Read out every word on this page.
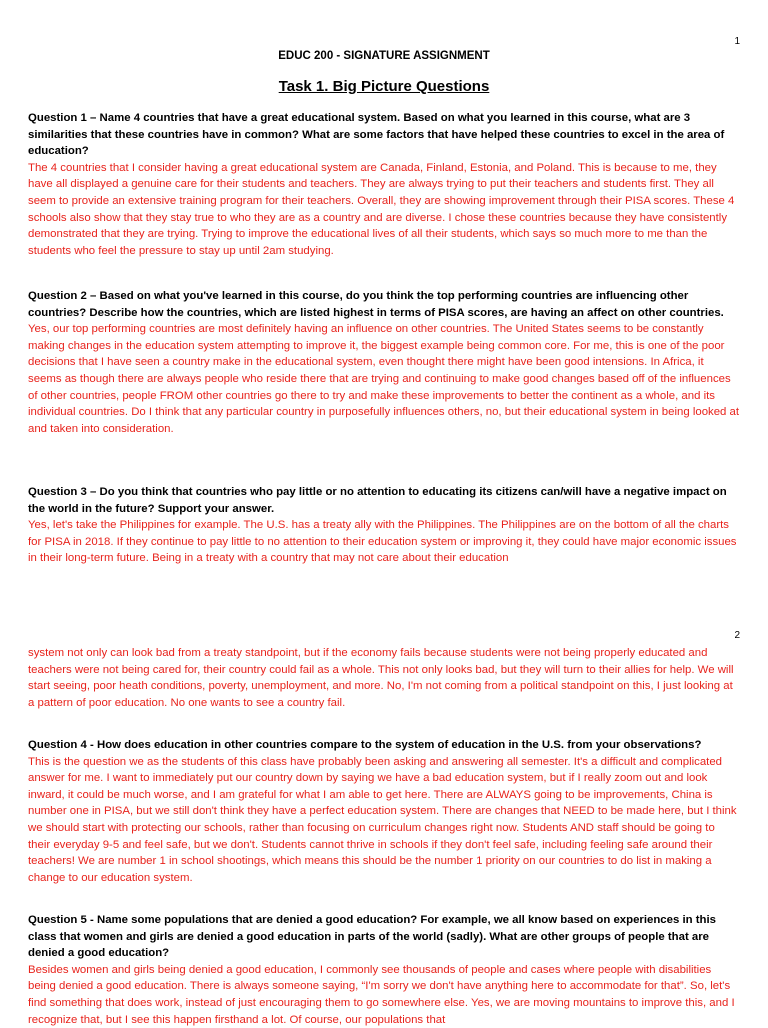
1
EDUC 200 - SIGNATURE ASSIGNMENT
Task 1. Big Picture Questions

Question 1 – Name 4 countries that have a great educational system. Based on what you learned in this course, what are 3 similarities that these countries have in common? What are some factors that have helped these countries to excel in the area of education?

The 4 countries that I consider having a great educational system are Canada, Finland, Estonia, and Poland. This is because to me, they have all displayed a genuine care for their students and teachers. They are always trying to put their teachers and students first. They all seem to provide an extensive training program for their teachers. Overall, they are showing improvement through their PISA scores. These 4 schools also show that they stay true to who they are as a country and are diverse. I chose these countries because they have consistently demonstrated that they are trying. Trying to improve the educational lives of all their students, which says so much more to me than the students who feel the pressure to stay up until 2am studying.

Question 2 – Based on what you've learned in this course, do you think the top performing countries are influencing other countries? Describe how the countries, which are listed highest in terms of PISA scores, are having an affect on other countries.

Yes, our top performing countries are most definitely having an influence on other countries. The United States seems to be constantly making changes in the education system attempting to improve it, the biggest example being common core. For me, this is one of the poor decisions that I have seen a country make in the educational system, even thought there might have been good intensions. In Africa, it seems as though there are always people who reside there that are trying and continuing to make good changes based off of the influences of other countries, people FROM other countries go there to try and make these improvements to better the continent as a whole, and its individual countries. Do I think that any particular country in purposefully influences others, no, but their educational system in being looked at and taken into consideration.

Question 3 – Do you think that countries who pay little or no attention to educating its citizens can/will have a negative impact on the world in the future? Support your answer.

Yes, let's take the Philippines for example. The U.S. has a treaty ally with the Philippines. The Philippines are on the bottom of all the charts for PISA in 2018. If they continue to pay little to no attention to their education system or improving it, they could have major economic issues in their long-term future. Being in a treaty with a country that may not care about their education

2

system not only can look bad from a treaty standpoint, but if the economy fails because students were not being properly educated and teachers were not being cared for, their country could fail as a whole. This not only looks bad, but they will turn to their allies for help. We will start seeing, poor heath conditions, poverty, unemployment, and more. No, I'm not coming from a political standpoint on this, I just looking at a pattern of poor education. No one wants to see a country fail.

Question 4 - How does education in other countries compare to the system of education in the U.S. from your observations?

This is the question we as the students of this class have probably been asking and answering all semester. It's a difficult and complicated answer for me. I want to immediately put our country down by saying we have a bad education system, but if I really zoom out and look inward, it could be much worse, and I am grateful for what I am able to get here. There are ALWAYS going to be improvements, China is number one in PISA, but we still don't think they have a perfect education system. There are changes that NEED to be made here, but I think we should start with protecting our schools, rather than focusing on curriculum changes right now. Students AND staff should be going to their everyday 9-5 and feel safe, but we don't. Students cannot thrive in schools if they don't feel safe, including feeling safe around their teachers! We are number 1 in school shootings, which means this should be the number 1 priority on our countries to do list in making a change to our education system.

Question 5 - Name some populations that are denied a good education? For example, we all know based on experiences in this class that women and girls are denied a good education in parts of the world (sadly). What are other groups of people that are denied a good education?

Besides women and girls being denied a good education, I commonly see thousands of people and cases where people with disabilities being denied a good education. There is always someone saying, “I'm sorry we don't have anything here to accommodate for that”. So, let's find something that does work, instead of just encouraging them to go somewhere else. Yes, we are moving mountains to improve this, and I recognize that, but I see this happen firsthand a lot. Of course, our populations that
